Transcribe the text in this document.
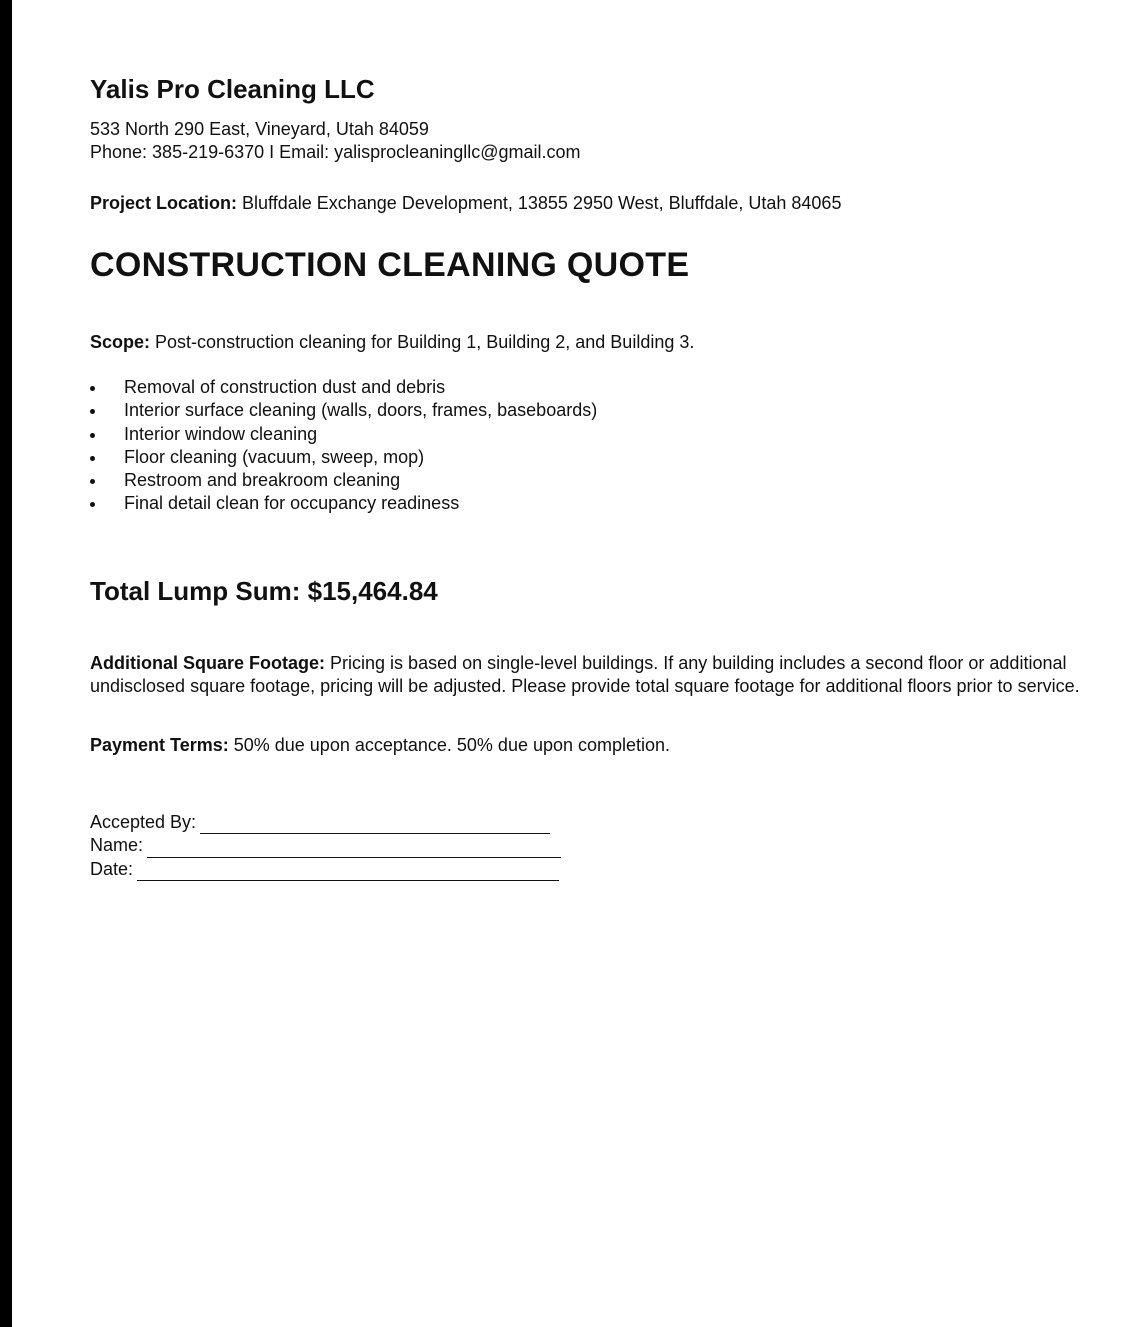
Yalis Pro Cleaning LLC

533 North 290 East, Vineyard, Utah 84059

Phone: 385-219-6370 I Email: yalisprocleaningllc@gmail.com

Project Location: Bluffdale Exchange Development, 13855 2950 West, Bluffdale, Utah 84065
CONSTRUCTION CLEANING QUOTE
Scope: Post-construction cleaning for Building 1, Building 2, and Building 3.
Removal of construction dust and debris
Interior surface cleaning (walls, doors, frames, baseboards)
Interior window cleaning
Floor cleaning (vacuum, sweep, mop)
Restroom and breakroom cleaning
Final detail clean for occupancy readiness
Total Lump Sum: $15,464.84
Additional Square Footage: Pricing is based on single-level buildings. If any building includes a second floor or additional undisclosed square footage, pricing will be adjusted. Please provide total square footage for additional floors prior to service.
Payment Terms: 50% due upon acceptance. 50% due upon completion.
Accepted By:
Name:
Date:
